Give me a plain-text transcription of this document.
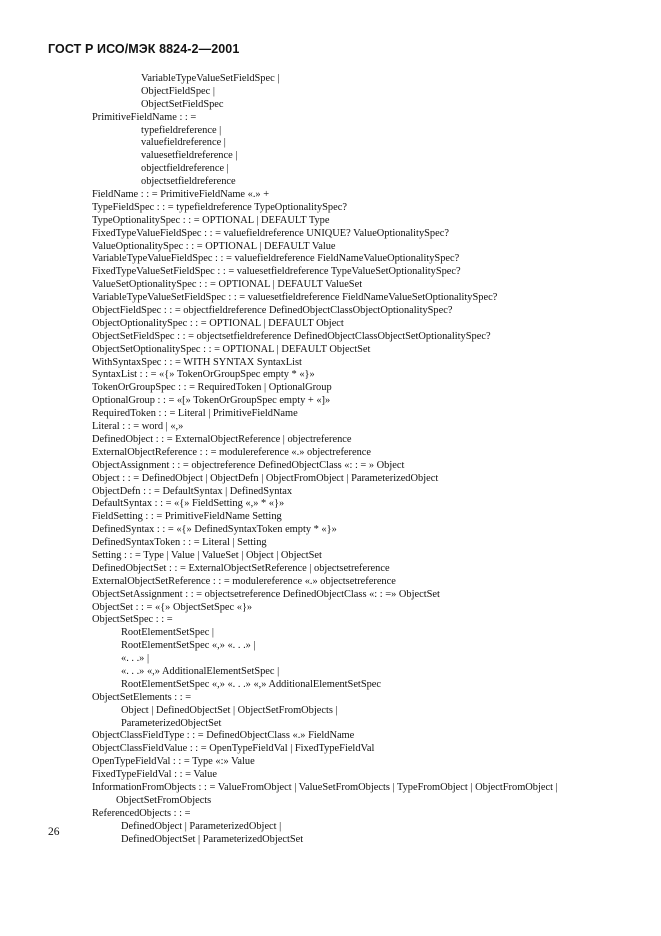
ГОСТ Р ИСО/МЭК 8824-2—2001
VariableTypeValueSetFieldSpec |
ObjectFieldSpec |
ObjectSetFieldSpec
PrimitiveFieldName : : =
typefieldreference |
valuefieldreference |
valuesetfieldreference |
objectfieldreference |
objectsetfieldreference
FieldName : : = PrimitiveFieldName «.» +
TypeFieldSpec : : = typefieldreference TypeOptionalitySpec?
TypeOptionalitySpec : : = OPTIONAL | DEFAULT Type
FixedTypeValueFieldSpec : : = valuefieldreference UNIQUE? ValueOptionalitySpec?
ValueOptionalitySpec : : = OPTIONAL | DEFAULT Value
VariableTypeValueFieldSpec : : = valuefieldreference FieldNameValueOptionalitySpec?
FixedTypeValueSetFieldSpec : : = valuesetfieldreference TypeValueSetOptionalitySpec?
ValueSetOptionalitySpec : : = OPTIONAL | DEFAULT ValueSet
VariableTypeValueSetFieldSpec : : = valuesetfieldreference FieldNameValueSetOptionalitySpec?
ObjectFieldSpec : : = objectfieldreference DefinedObjectClassObjectOptionalitySpec?
ObjectOptionalitySpec : : = OPTIONAL | DEFAULT Object
ObjectSetFieldSpec : : = objectsetfieldreference DefinedObjectClassObjectSetOptionalitySpec?
ObjectSetOptionalitySpec : : = OPTIONAL | DEFAULT ObjectSet
WithSyntaxSpec : : = WITH SYNTAX SyntaxList
SyntaxList : : = «{» TokenOrGroupSpec empty * «}»
TokenOrGroupSpec : : = RequiredToken | OptionalGroup
OptionalGroup : : = «[» TokenOrGroupSpec empty + «]»
RequiredToken : : = Literal | PrimitiveFieldName
Literal : : = word | «,»
DefinedObject : : = ExternalObjectReference | objectreference
ExternalObjectReference : : = modulereference «.» objectreference
ObjectAssignment : : = objectreference DefinedObjectClass «: : = » Object
Object : : = DefinedObject | ObjectDefn | ObjectFromObject | ParameterizedObject
ObjectDefn : : = DefaultSyntax | DefinedSyntax
DefaultSyntax : : = «{» FieldSetting «,» * «}»
FieldSetting : : = PrimitiveFieldName Setting
DefinedSyntax : : = «{» DefinedSyntaxToken empty * «}»
DefinedSyntaxToken : : = Literal | Setting
Setting : : = Type | Value | ValueSet | Object | ObjectSet
DefinedObjectSet : : = ExternalObjectSetReference | objectsetreference
ExternalObjectSetReference : : = modulereference «.» objectsetreference
ObjectSetAssignment : : = objectsetreference DefinedObjectClass «: : =» ObjectSet
ObjectSet : : = «{» ObjectSetSpec «}»
ObjectSetSpec : : =
RootElementSetSpec |
RootElementSetSpec «,» «. . .» |
«. . .» |
«. . .» «,» AdditionalElementSetSpec |
RootElementSetSpec «,» «. . .» «,» AdditionalElementSetSpec
ObjectSetElements : : =
Object | DefinedObjectSet | ObjectSetFromObjects |
ParameterizedObjectSet
ObjectClassFieldType : : = DefinedObjectClass «.» FieldName
ObjectClassFieldValue : : = OpenTypeFieldVal | FixedTypeFieldVal
OpenTypeFieldVal : : = Type «:» Value
FixedTypeFieldVal : : = Value
InformationFromObjects : : = ValueFromObject | ValueSetFromObjects | TypeFromObject | ObjectFromObject |
ObjectSetFromObjects
ReferencedObjects : : =
DefinedObject | ParameterizedObject |
DefinedObjectSet | ParameterizedObjectSet
26
